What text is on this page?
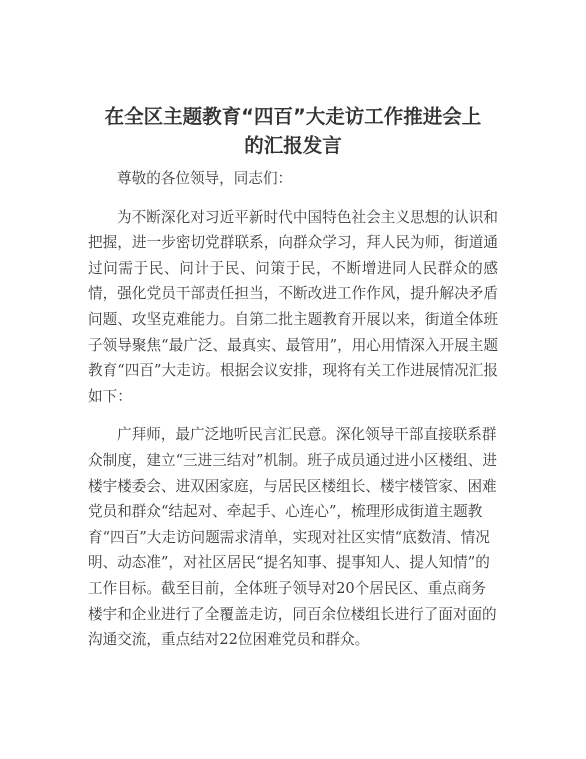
在全区主题教育“四百”大走访工作推进会上
的汇报发言

尊敬的各位领导，同志们：

为不断深化对习近平新时代中国特色社会主义思想的认识和把握，进一步密切党群联系，向群众学习，拜人民为师，街道通过问需于民、问计于民、问策于民，不断增进同人民群众的感情，强化党员干部责任担当，不断改进工作作风，提升解决矛盾问题、攻坚克难能力。自第二批主题教育开展以来，街道全体班子领导聚焦“最广泛、最真实、最管用”，用心用情深入开展主题教育“四百”大走访。根据会议安排，现将有关工作进展情况汇报如下：

广拜师，最广泛地听民言汇民意。深化领导干部直接联系群众制度，建立“三进三结对”机制。班子成员通过进小区楼组、进楼宇楼委会、进双困家庭，与居民区楼组长、楼宇楼管家、困难党员和群众“结起对、牵起手、心连心”，梳理形成街道主题教育“四百”大走访问题需求清单，实现对社区实情“底数清、情况明、动态准”，对社区居民“提名知事、提事知人、提人知情”的工作目标。截至目前，全体班子领导对20个居民区、重点商务楼宇和企业进行了全覆盖走访，同百余位楼组长进行了面对面的沟通交流，重点结对22位困难党员和群众。
